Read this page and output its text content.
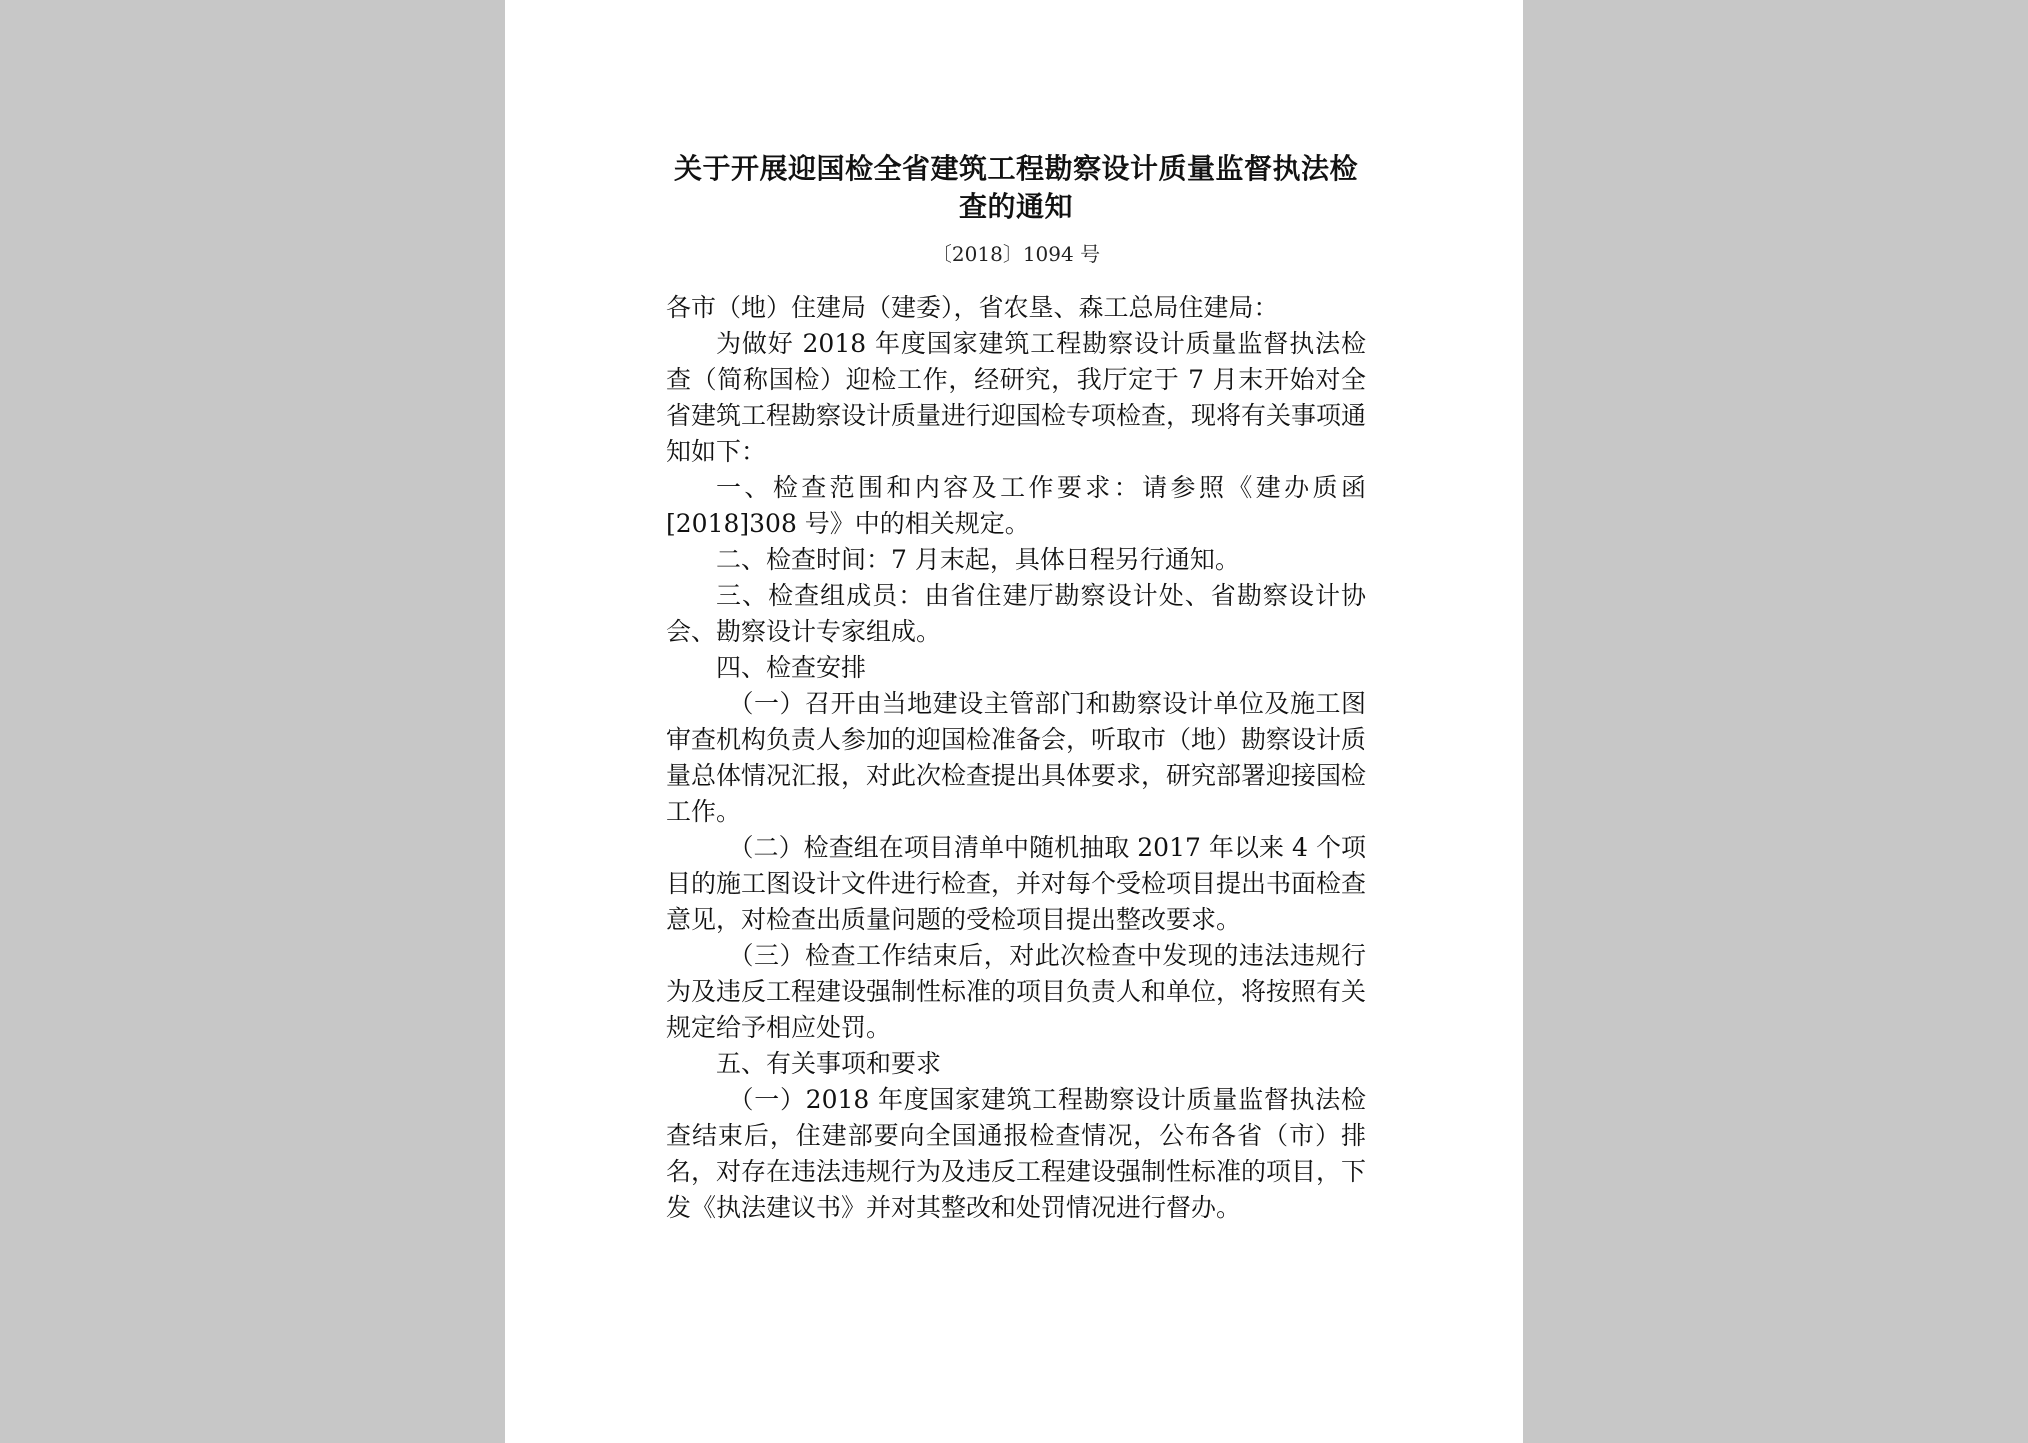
关于开展迎国检全省建筑工程勘察设计质量监督执法检查的通知
〔2018〕1094 号

各市（地）住建局（建委），省农垦、森工总局住建局：

为做好 2018 年度国家建筑工程勘察设计质量监督执法检查（简称国检）迎检工作，经研究，我厅定于 7 月末开始对全省建筑工程勘察设计质量进行迎国检专项检查，现将有关事项通知如下：

一、检查范围和内容及工作要求：请参照《建办质函[2018]308 号》中的相关规定。

二、检查时间：7 月末起，具体日程另行通知。

三、检查组成员：由省住建厅勘察设计处、省勘察设计协会、勘察设计专家组成。

四、检查安排

（一）召开由当地建设主管部门和勘察设计单位及施工图审查机构负责人参加的迎国检准备会，听取市（地）勘察设计质量总体情况汇报，对此次检查提出具体要求，研究部署迎接国检工作。

（二）检查组在项目清单中随机抽取 2017 年以来 4 个项目的施工图设计文件进行检查，并对每个受检项目提出书面检查意见，对检查出质量问题的受检项目提出整改要求。

（三）检查工作结束后，对此次检查中发现的违法违规行为及违反工程建设强制性标准的项目负责人和单位，将按照有关规定给予相应处罚。

五、有关事项和要求

（一）2018 年度国家建筑工程勘察设计质量监督执法检查结束后，住建部要向全国通报检查情况，公布各省（市）排名，对存在违法违规行为及违反工程建设强制性标准的项目，下发《执法建议书》并对其整改和处罚情况进行督办。
